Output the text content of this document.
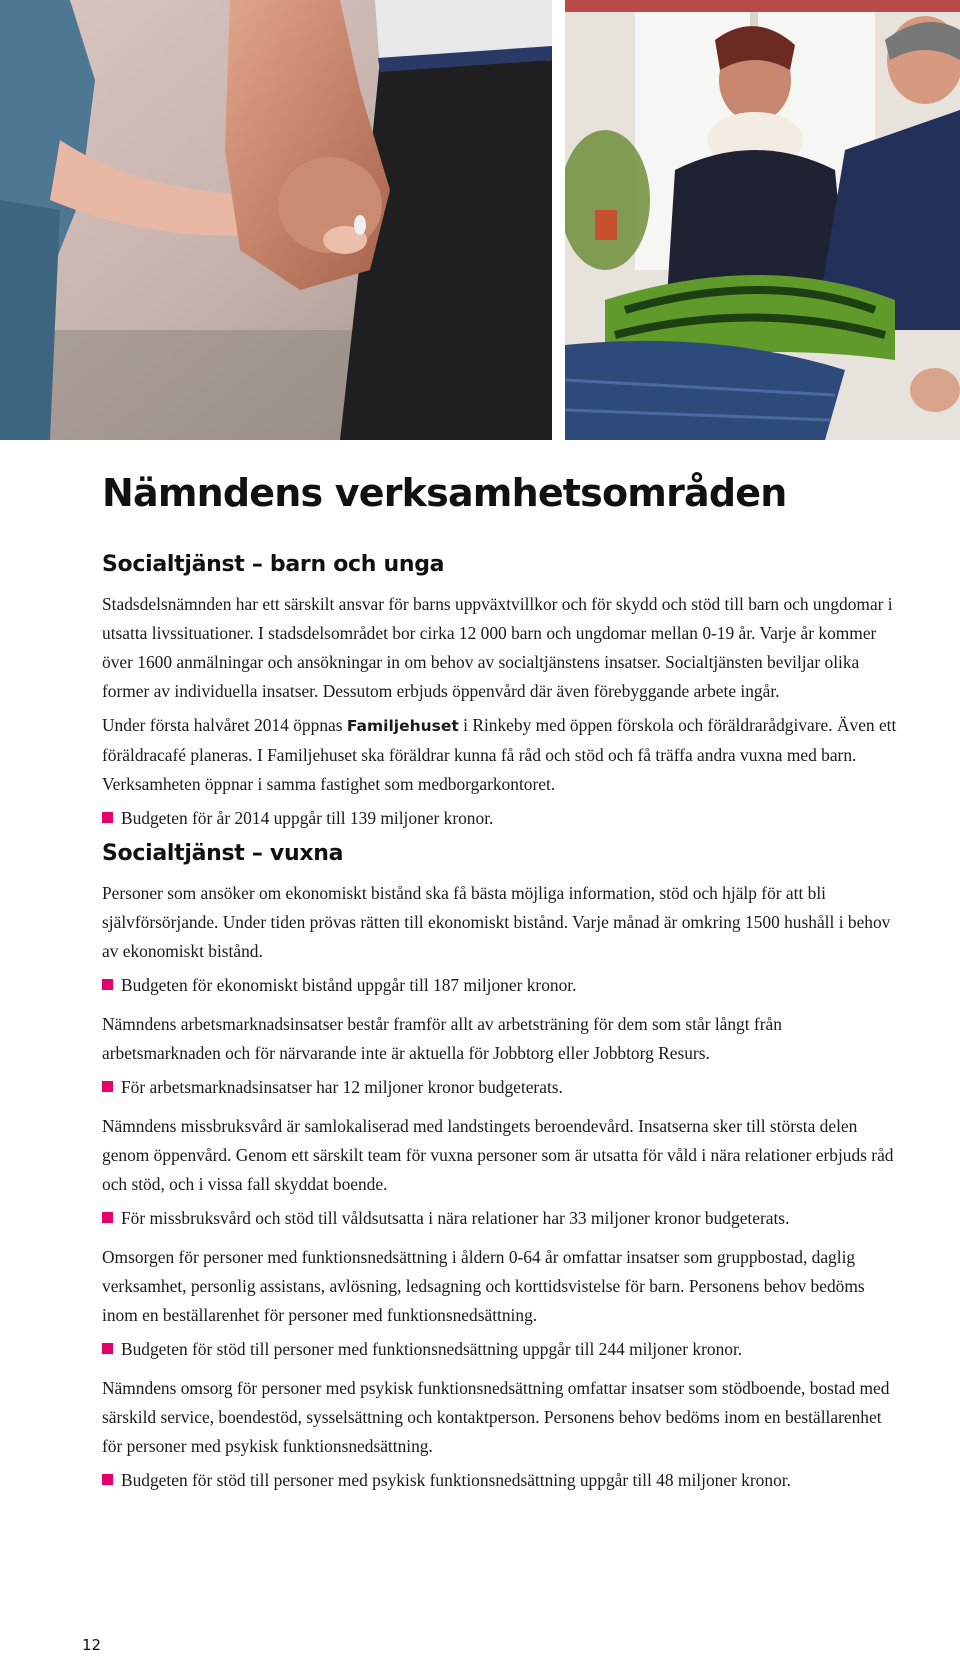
Nämndens verksamhetsområden
Socialtjänst – barn och unga

Stadsdelsnämnden har ett särskilt ansvar för barns uppväxtvillkor och för skydd och stöd till barn och ungdomar i utsatta livssituationer. I stadsdelsområdet bor cirka 12 000 barn och ungdomar mellan 0-19 år. Varje år kommer över 1600 anmälningar och ansökningar in om behov av socialtjänstens insatser. Socialtjänsten beviljar olika former av individuella insatser. Dessutom erbjuds öppenvård där även förebyggande arbete ingår.

Under första halvåret 2014 öppnas Familjehuset i Rinkeby med öppen förskola och föräldrarådgivare. Även ett föräldracafé planeras. I Familjehuset ska föräldrar kunna få råd och stöd och få träffa andra vuxna med barn. Verksamheten öppnar i samma fastighet som medborgarkontoret.

Budgeten för år 2014 uppgår till 139 miljoner kronor.

Socialtjänst – vuxna

Personer som ansöker om ekonomiskt bistånd ska få bästa möjliga information, stöd och hjälp för att bli självförsörjande. Under tiden prövas rätten till ekonomiskt bistånd. Varje månad är omkring 1500 hushåll i behov av ekonomiskt bistånd.

Budgeten för ekonomiskt bistånd uppgår till 187 miljoner kronor.

Nämndens arbetsmarknadsinsatser består framför allt av arbetsträning för dem som står långt från arbetsmarknaden och för närvarande inte är aktuella för Jobbtorg eller Jobbtorg Resurs.

För arbetsmarknadsinsatser har 12 miljoner kronor budgeterats.

Nämndens missbruksvård är samlokaliserad med landstingets beroendevård. Insatserna sker till största delen genom öppenvård. Genom ett särskilt team för vuxna personer som är utsatta för våld i nära relationer erbjuds råd och stöd, och i vissa fall skyddat boende.

För missbruksvård och stöd till våldsutsatta i nära relationer har 33 miljoner kronor budgeterats.

Omsorgen för personer med funktionsnedsättning i åldern 0-64 år omfattar insatser som gruppbostad, daglig verksamhet, personlig assistans, avlösning, ledsagning och korttidsvistelse för barn. Personens behov bedöms inom en beställarenhet för personer med funktionsnedsättning.

Budgeten för stöd till personer med funktionsnedsättning uppgår till 244 miljoner kronor.

Nämndens omsorg för personer med psykisk funktionsnedsättning omfattar insatser som stödboende, bostad med särskild service, boendestöd, sysselsättning och kontaktperson. Personens behov bedöms inom en beställarenhet för personer med psykisk funktionsnedsättning.

Budgeten för stöd till personer med psykisk funktionsnedsättning uppgår till 48 miljoner kronor.

12
